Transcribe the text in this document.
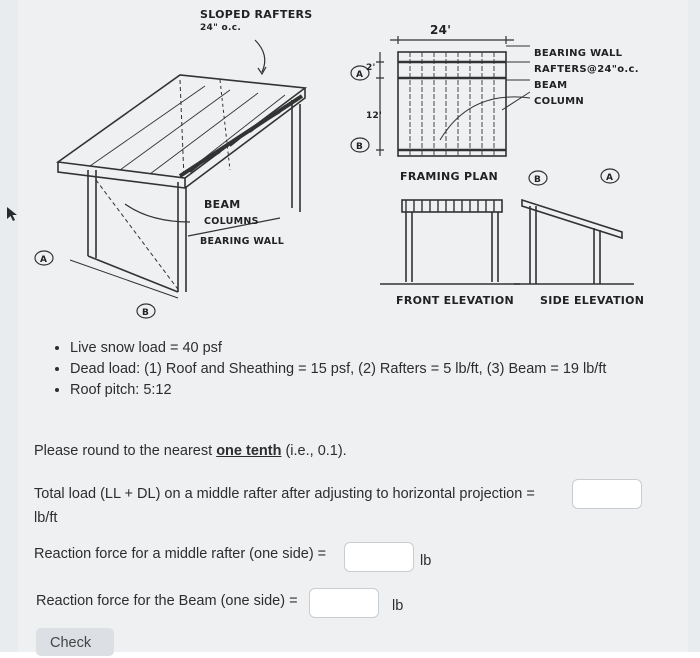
SLOPED RAFTERS
24" o.c.
BEAM
COLUMNS
BEARING WALL
A
B
A
B
B	A
24'
2'
12'
BEARING WALL
RAFTERS@24"o.c.
BEAM
COLUMN
FRAMING PLAN
FRONT ELEVATION SIDE ELEVATION
• Live snow load = 40 psf
• Dead load: (1) Roof and Sheathing = 15 psf, (2) Rafters = 5 lb/ft, (3) Beam = 19 lb/ft
• Roof pitch: 5:12
Please round to the nearest one tenth (i.e., 0.1).
Total load (LL + DL) on a middle rafter after adjusting to horizontal projection =
lb/ft
Reaction force for a middle rafter (one side) =	lb
Reaction force for the Beam (one side) =	lb
Check
